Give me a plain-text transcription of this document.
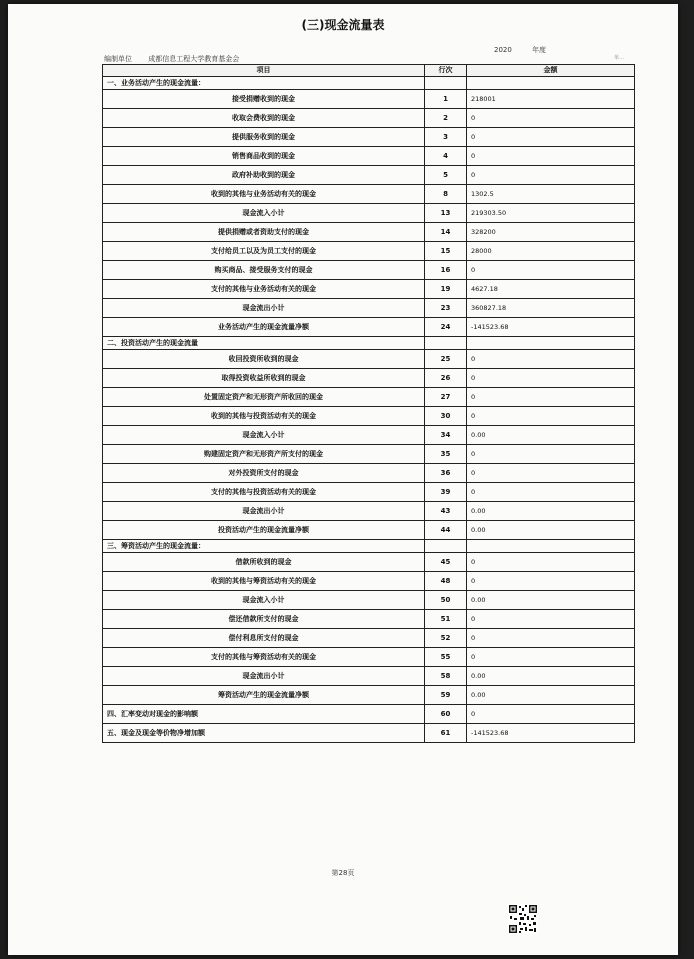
(三)现金流量表
编制单位 成都信息工程大学教育基金会
2020	年度
单…
项目	行次	金额
一、业务活动产生的现金流量：		
接受捐赠收到的现金	1	218001
收取会费收到的现金	2	0
提供服务收到的现金	3	0
销售商品收到的现金	4	0
政府补助收到的现金	5	0
收到的其他与业务活动有关的现金	8	1302.5
现金流入小计	13	219303.50
提供捐赠或者资助支付的现金	14	328200
支付给员工以及为员工支付的现金	15	28000
购买商品、接受服务支付的现金	16	0
支付的其他与业务活动有关的现金	19	4627.18
现金流出小计	23	360827.18
业务活动产生的现金流量净额	24	-141523.68
二、投资活动产生的现金流量		
收回投资所收到的现金	25	0
取得投资收益所收到的现金	26	0
处置固定资产和无形资产所收回的现金	27	0
收到的其他与投资活动有关的现金	30	0
现金流入小计	34	0.00
购建固定资产和无形资产所支付的现金	35	0
对外投资所支付的现金	36	0
支付的其他与投资活动有关的现金	39	0
现金流出小计	43	0.00
投资活动产生的现金流量净额	44	0.00
三、筹资活动产生的现金流量：		
借款所收到的现金	45	0
收到的其他与筹资活动有关的现金	48	0
现金流入小计	50	0.00
偿还借款所支付的现金	51	0
偿付利息所支付的现金	52	0
支付的其他与筹资活动有关的现金	55	0
现金流出小计	58	0.00
筹资活动产生的现金流量净额	59	0.00
四、汇率变动对现金的影响额	60	0
五、现金及现金等价物净增加额	61	-141523.68
第28页
